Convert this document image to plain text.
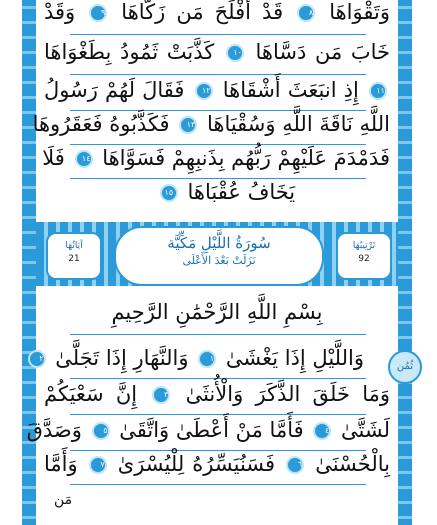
وَتَقْوَاهَا ٨ قَدْ أَفْلَحَ مَن زَكَّاهَا ٩ وَقَدْ
خَابَ مَن دَسَّاهَا ١٠ كَذَّبَتْ ثَمُودُ بِطَغْوَاهَا
١١ إِذِ انبَعَثَ أَشْقَاهَا ١٢ فَقَالَ لَهُمْ رَسُولُ
اللَّهِ نَاقَةَ اللَّهِ وَسُقْيَاهَا ١٣ فَكَذَّبُوهُ فَعَقَرُوهَا
فَدَمْدَمَ عَلَيْهِمْ رَبُّهُم بِذَنبِهِمْ فَسَوَّاهَا ١٤ فَلَا
يَخَافُ عُقْبَاهَا ١٥
تَرْتِيبُهَا
92
سُورَةُ اللَّيْلِ مَكِّيَّة
نَزَلَتْ بَعْدَ الأَعْلَى
آيَاتُهَا
21
بِسْمِ اللَّهِ الرَّحْمَٰنِ الرَّحِيمِ
وَاللَّيْلِ إِذَا يَغْشَىٰ ١ وَالنَّهَارِ إِذَا تَجَلَّىٰ ٢
وَمَا خَلَقَ الذَّكَرَ وَالْأُنثَىٰ ٣ إِنَّ سَعْيَكُمْ
لَشَتَّىٰ ٤ فَأَمَّا مَنْ أَعْطَىٰ وَاتَّقَىٰ ٥ وَصَدَّقَ
بِالْحُسْنَىٰ ٦ فَسَنُيَسِّرُهُ لِلْيُسْرَىٰ ٧ وَأَمَّا
ثُمُن
مَن
